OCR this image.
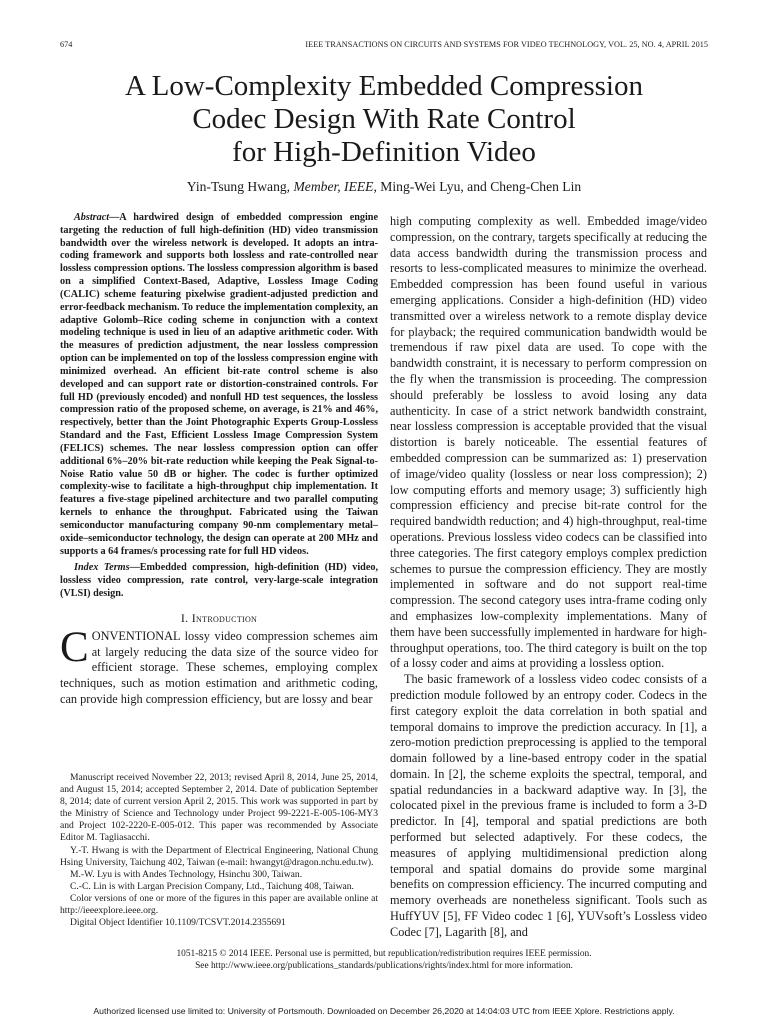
674	IEEE TRANSACTIONS ON CIRCUITS AND SYSTEMS FOR VIDEO TECHNOLOGY, VOL. 25, NO. 4, APRIL 2015
A Low-Complexity Embedded Compression
Codec Design With Rate Control
for High-Definition Video
Yin-Tsung Hwang, Member, IEEE, Ming-Wei Lyu, and Cheng-Chen Lin

Abstract—A hardwired design of embedded compression engine targeting the reduction of full high-definition (HD) video transmission bandwidth over the wireless network is developed. It adopts an intra-coding framework and supports both lossless and rate-controlled near lossless compression options. The lossless compression algorithm is based on a simplified Context-Based, Adaptive, Lossless Image Coding (CALIC) scheme featuring pixelwise gradient-adjusted prediction and error-feedback mechanism. To reduce the implementation complexity, an adaptive Golomb–Rice coding scheme in conjunction with a context modeling technique is used in lieu of an adaptive arithmetic coder. With the measures of prediction adjustment, the near lossless compression option can be implemented on top of the lossless compression engine with minimized overhead. An efficient bit-rate control scheme is also developed and can support rate or distortion-constrained controls. For full HD (previously encoded) and nonfull HD test sequences, the lossless compression ratio of the proposed scheme, on average, is 21% and 46%, respectively, better than the Joint Photographic Experts Group-Lossless Standard and the Fast, Efficient Lossless Image Compression System (FELICS) schemes. The near lossless compression option can offer additional 6%–20% bit-rate reduction while keeping the Peak Signal-to-Noise Ratio value 50 dB or higher. The codec is further optimized complexity-wise to facilitate a high-throughput chip implementation. It features a five-stage pipelined architecture and two parallel computing kernels to enhance the throughput. Fabricated using the Taiwan semiconductor manufacturing company 90-nm complementary metal–oxide–semiconductor technology, the design can operate at 200 MHz and supports a 64 frames/s processing rate for full HD videos.

Index Terms—Embedded compression, high-definition (HD) video, lossless video compression, rate control, very-large-scale integration (VLSI) design.

I. Introduction

CONVENTIONAL lossy video compression schemes aim at largely reducing the data size of the source video for efficient storage. These schemes, employing complex techniques, such as motion estimation and arithmetic coding, can provide high compression efficiency, but are lossy and bear

Manuscript received November 22, 2013; revised April 8, 2014, June 25, 2014, and August 15, 2014; accepted September 2, 2014. Date of publication September 8, 2014; date of current version April 2, 2015. This work was supported in part by the Ministry of Science and Technology under Project 99-2221-E-005-106-MY3 and Project 102-2220-E-005-012. This paper was recommended by Associate Editor M. Tagliasacchi.

Y.-T. Hwang is with the Department of Electrical Engineering, National Chung Hsing University, Taichung 402, Taiwan (e-mail: hwangyt@dragon.nchu.edu.tw).

M.-W. Lyu is with Andes Technology, Hsinchu 300, Taiwan.

C.-C. Lin is with Largan Precision Company, Ltd., Taichung 408, Taiwan.

Color versions of one or more of the figures in this paper are available online at http://ieeexplore.ieee.org.

Digital Object Identifier 10.1109/TCSVT.2014.2355691

high computing complexity as well. Embedded image/video compression, on the contrary, targets specifically at reducing the data access bandwidth during the transmission process and resorts to less-complicated measures to minimize the overhead. Embedded compression has been found useful in various emerging applications. Consider a high-definition (HD) video transmitted over a wireless network to a remote display device for playback; the required communication bandwidth would be tremendous if raw pixel data are used. To cope with the bandwidth constraint, it is necessary to perform compression on the fly when the transmission is proceeding. The compression should preferably be lossless to avoid losing any data authenticity. In case of a strict network bandwidth constraint, near lossless compression is acceptable provided that the visual distortion is barely noticeable. The essential features of embedded compression can be summarized as: 1) preservation of image/video quality (lossless or near loss compression); 2) low computing efforts and memory usage; 3) sufficiently high compression efficiency and precise bit-rate control for the required bandwidth reduction; and 4) high-throughput, real-time operations. Previous lossless video codecs can be classified into three categories. The first category employs complex prediction schemes to pursue the compression efficiency. They are mostly implemented in software and do not support real-time compression. The second category uses intra-frame coding only and emphasizes low-complexity implementations. Many of them have been successfully implemented in hardware for high-throughput operations, too. The third category is built on the top of a lossy coder and aims at providing a lossless option.

The basic framework of a lossless video codec consists of a prediction module followed by an entropy coder. Codecs in the first category exploit the data correlation in both spatial and temporal domains to improve the prediction accuracy. In [1], a zero-motion prediction preprocessing is applied to the temporal domain followed by a line-based entropy coder in the spatial domain. In [2], the scheme exploits the spectral, temporal, and spatial redundancies in a backward adaptive way. In [3], the colocated pixel in the previous frame is included to form a 3-D predictor. In [4], temporal and spatial predictions are both performed but selected adaptively. For these codecs, the measures of applying multidimensional prediction along temporal and spatial domains do provide some marginal benefits on compression efficiency. The incurred computing and memory overheads are nonetheless significant. Tools such as HuffYUV [5], FF Video codec 1 [6], YUVsoft’s Lossless video Codec [7], Lagarith [8], and

1051-8215 © 2014 IEEE. Personal use is permitted, but republication/redistribution requires IEEE permission.
See http://www.ieee.org/publications_standards/publications/rights/index.html for more information.
Authorized licensed use limited to: University of Portsmouth. Downloaded on December 26,2020 at 14:04:03 UTC from IEEE Xplore. Restrictions apply.
